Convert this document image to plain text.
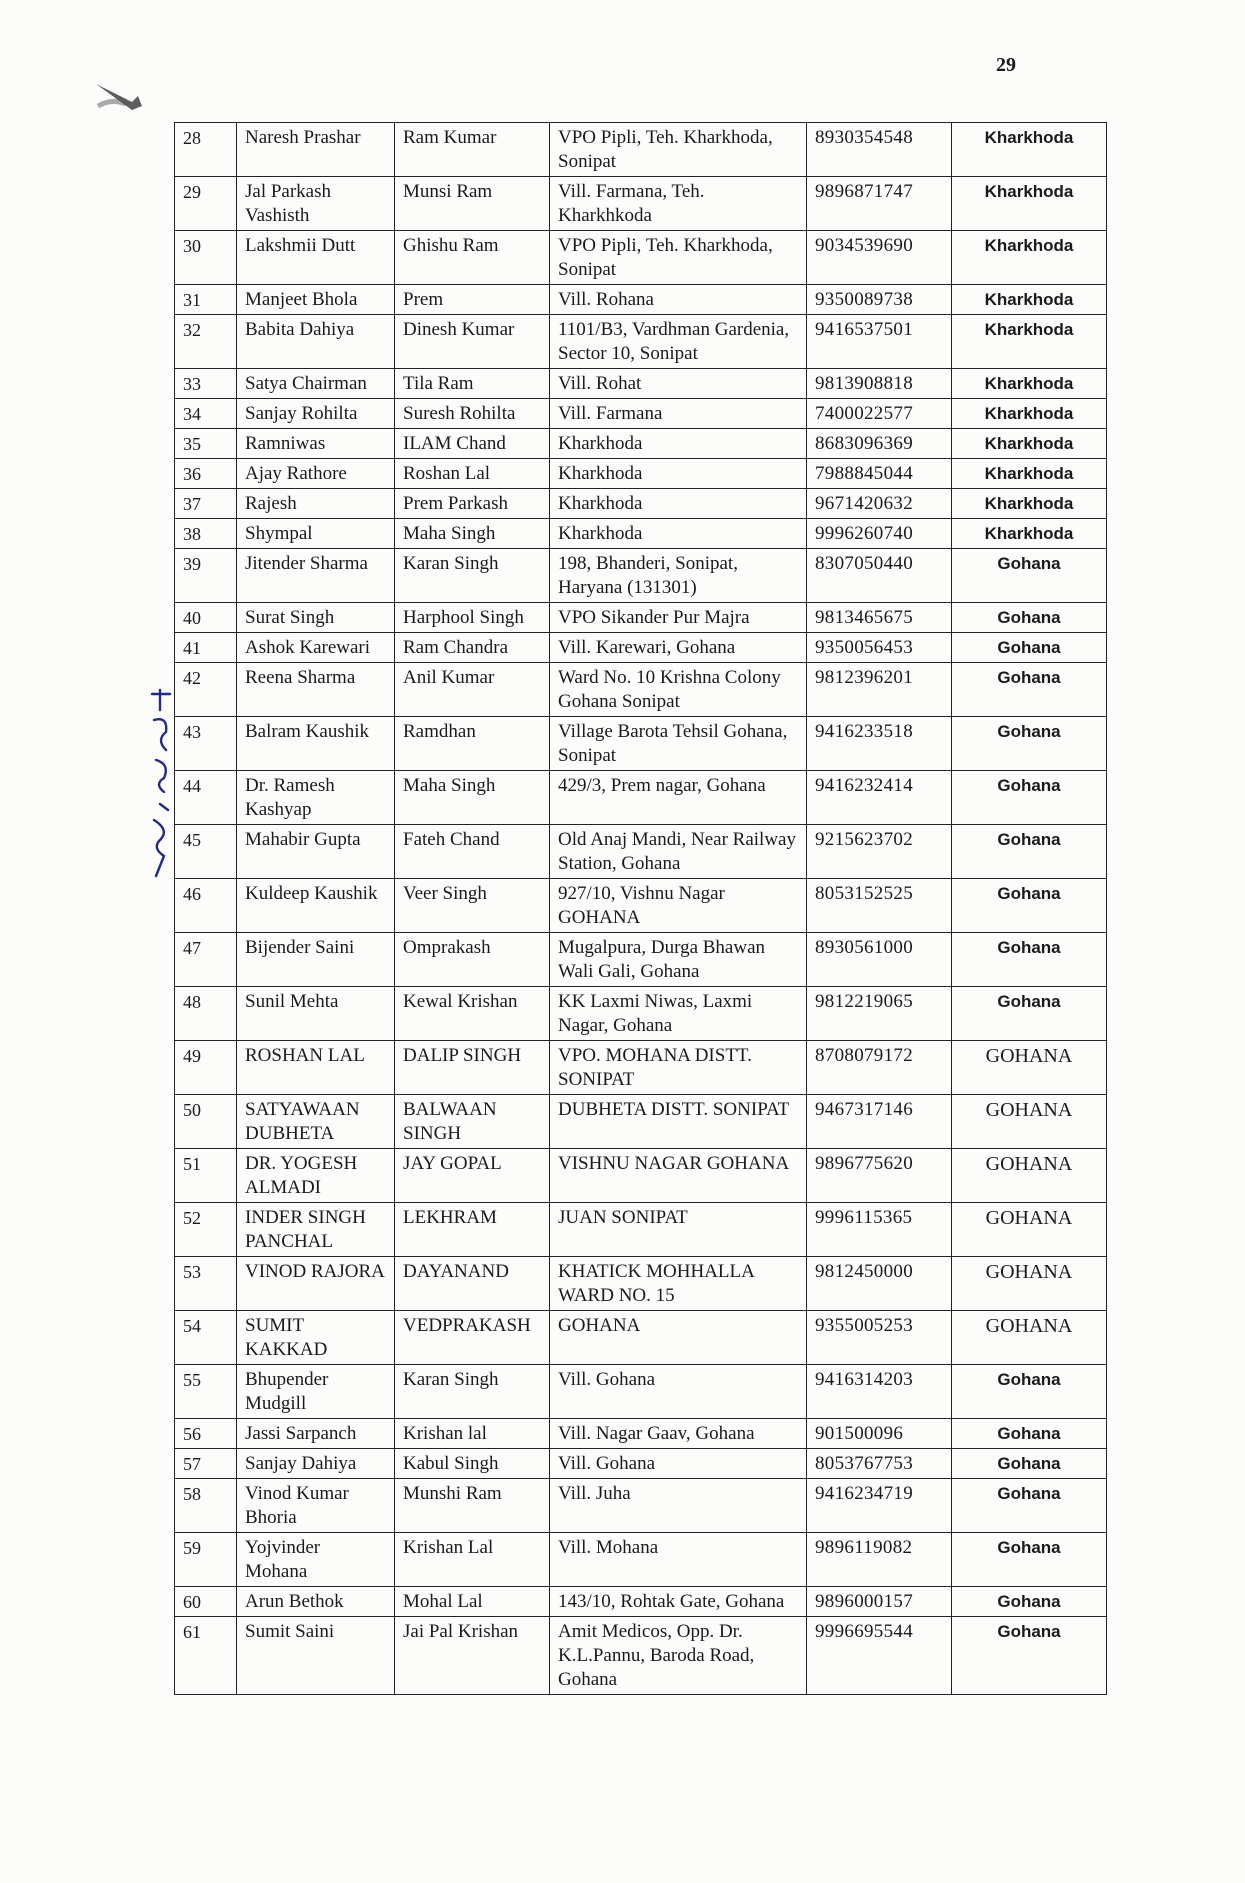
29
28	Naresh Prashar	Ram Kumar	VPO Pipli, Teh. Kharkhoda, Sonipat	8930354548	Kharkhoda
29	Jal Parkash Vashisth	Munsi Ram	Vill. Farmana, Teh. Kharkhkoda	9896871747	Kharkhoda
30	Lakshmii Dutt	Ghishu Ram	VPO Pipli, Teh. Kharkhoda, Sonipat	9034539690	Kharkhoda
31	Manjeet Bhola	Prem	Vill. Rohana	9350089738	Kharkhoda
32	Babita Dahiya	Dinesh Kumar	1101/B3, Vardhman Gardenia, Sector 10, Sonipat	9416537501	Kharkhoda
33	Satya Chairman	Tila Ram	Vill. Rohat	9813908818	Kharkhoda
34	Sanjay Rohilta	Suresh Rohilta	Vill. Farmana	7400022577	Kharkhoda
35	Ramniwas	ILAM Chand	Kharkhoda	8683096369	Kharkhoda
36	Ajay Rathore	Roshan Lal	Kharkhoda	7988845044	Kharkhoda
37	Rajesh	Prem Parkash	Kharkhoda	9671420632	Kharkhoda
38	Shympal	Maha Singh	Kharkhoda	9996260740	Kharkhoda
39	Jitender Sharma	Karan Singh	198, Bhanderi, Sonipat, Haryana (131301)	8307050440	Gohana
40	Surat Singh	Harphool Singh	VPO Sikander Pur Majra	9813465675	Gohana
41	Ashok Karewari	Ram Chandra	Vill. Karewari, Gohana	9350056453	Gohana
42	Reena Sharma	Anil Kumar	Ward No. 10 Krishna Colony Gohana Sonipat	9812396201	Gohana
43	Balram Kaushik	Ramdhan	Village Barota Tehsil Gohana, Sonipat	9416233518	Gohana
44	Dr. Ramesh Kashyap	Maha Singh	429/3, Prem nagar, Gohana	9416232414	Gohana
45	Mahabir Gupta	Fateh Chand	Old Anaj Mandi, Near Railway Station, Gohana	9215623702	Gohana
46	Kuldeep Kaushik	Veer Singh	927/10, Vishnu Nagar GOHANA	8053152525	Gohana
47	Bijender Saini	Omprakash	Mugalpura, Durga Bhawan Wali Gali, Gohana	8930561000	Gohana
48	Sunil Mehta	Kewal Krishan	KK Laxmi Niwas, Laxmi Nagar, Gohana	9812219065	Gohana
49	ROSHAN LAL	DALIP SINGH	VPO. MOHANA DISTT. SONIPAT	8708079172	GOHANA
50	SATYAWAAN DUBHETA	BALWAAN SINGH	DUBHETA DISTT. SONIPAT	9467317146	GOHANA
51	DR. YOGESH ALMADI	JAY GOPAL	VISHNU NAGAR GOHANA	9896775620	GOHANA
52	INDER SINGH PANCHAL	LEKHRAM	JUAN SONIPAT	9996115365	GOHANA
53	VINOD RAJORA	DAYANAND	KHATICK MOHHALLA WARD NO. 15	9812450000	GOHANA
54	SUMIT KAKKAD	VEDPRAKASH	GOHANA	9355005253	GOHANA
55	Bhupender Mudgill	Karan Singh	Vill. Gohana	9416314203	Gohana
56	Jassi Sarpanch	Krishan lal	Vill. Nagar Gaav, Gohana	901500096	Gohana
57	Sanjay Dahiya	Kabul Singh	Vill. Gohana	8053767753	Gohana
58	Vinod Kumar Bhoria	Munshi Ram	Vill. Juha	9416234719	Gohana
59	Yojvinder Mohana	Krishan Lal	Vill. Mohana	9896119082	Gohana
60	Arun Bethok	Mohal Lal	143/10, Rohtak Gate, Gohana	9896000157	Gohana
61	Sumit Saini	Jai Pal Krishan	Amit Medicos, Opp. Dr. K.L.Pannu, Baroda Road, Gohana	9996695544	Gohana
